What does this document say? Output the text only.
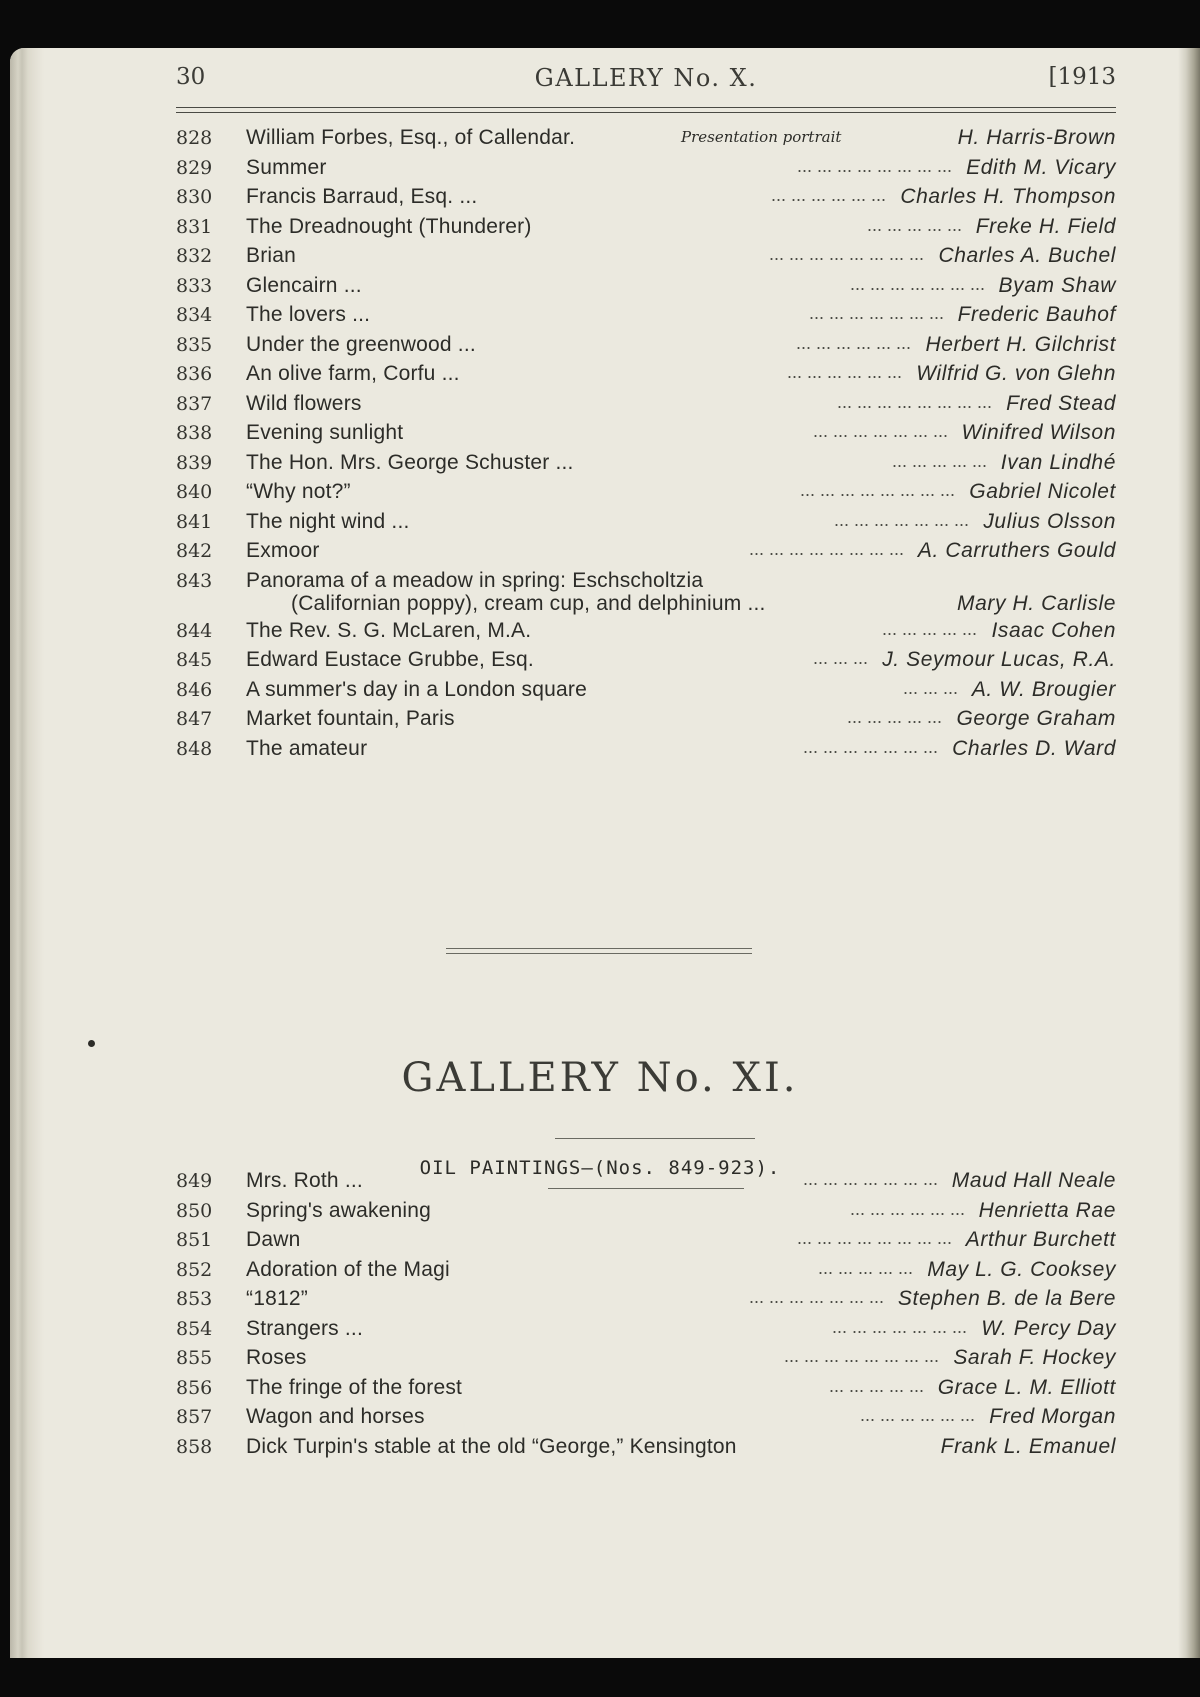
30	GALLERY No. X.	[1913
828	William Forbes, Esq., of Callendar.	Presentation portrait	H. Harris-Brown
829	Summer	... ... ... ... ... ... ... ... Edith M. Vicary
830	Francis Barraud, Esq. ...	... ... ... ... ... ... Charles H. Thompson
831	The Dreadnought (Thunderer)	... ... ... ... ... Freke H. Field
832	Brian	... ... ... ... ... ... ... ... Charles A. Buchel
833	Glencairn ...	... ... ... ... ... ... ... Byam Shaw
834	The lovers ...	... ... ... ... ... ... ... Frederic Bauhof
835	Under the greenwood ...	... ... ... ... ... ... Herbert H. Gilchrist
836	An olive farm, Corfu ...	... ... ... ... ... ... Wilfrid G. von Glehn
837	Wild flowers	... ... ... ... ... ... ... ... Fred Stead
838	Evening sunlight	... ... ... ... ... ... ... Winifred Wilson
839	The Hon. Mrs. George Schuster ...	... ... ... ... ... Ivan Lindhé
840	“Why not?”	... ... ... ... ... ... ... ... Gabriel Nicolet
841	The night wind ...	... ... ... ... ... ... ... Julius Olsson
842	Exmoor	... ... ... ... ... ... ... ... A. Carruthers Gould
843	Panorama of a meadow in spring: Eschscholtzia
(Californian poppy), cream cup, and delphinium ...	Mary H. Carlisle
844	The Rev. S. G. McLaren, M.A.	... ... ... ... ... Isaac Cohen
845	Edward Eustace Grubbe, Esq.	... ... ... J. Seymour Lucas, R.A.
846	A summer's day in a London square	... ... ... A. W. Brougier
847	Market fountain, Paris	... ... ... ... ... George Graham
848	The amateur	... ... ... ... ... ... ... Charles D. Ward
GALLERY No. XI.
OIL PAINTINGS—(Nos. 849-923).
849	Mrs. Roth ...	... ... ... ... ... ... ... Maud Hall Neale
850	Spring's awakening	... ... ... ... ... ... Henrietta Rae
851	Dawn	... ... ... ... ... ... ... ... Arthur Burchett
852	Adoration of the Magi	... ... ... ... ... May L. G. Cooksey
853	“1812”	... ... ... ... ... ... ... Stephen B. de la Bere
854	Strangers ...	... ... ... ... ... ... ... W. Percy Day
855	Roses	... ... ... ... ... ... ... ... Sarah F. Hockey
856	The fringe of the forest	... ... ... ... ... Grace L. M. Elliott
857	Wagon and horses	... ... ... ... ... ... Fred Morgan
858	Dick Turpin's stable at the old “George,” Kensington	Frank L. Emanuel
